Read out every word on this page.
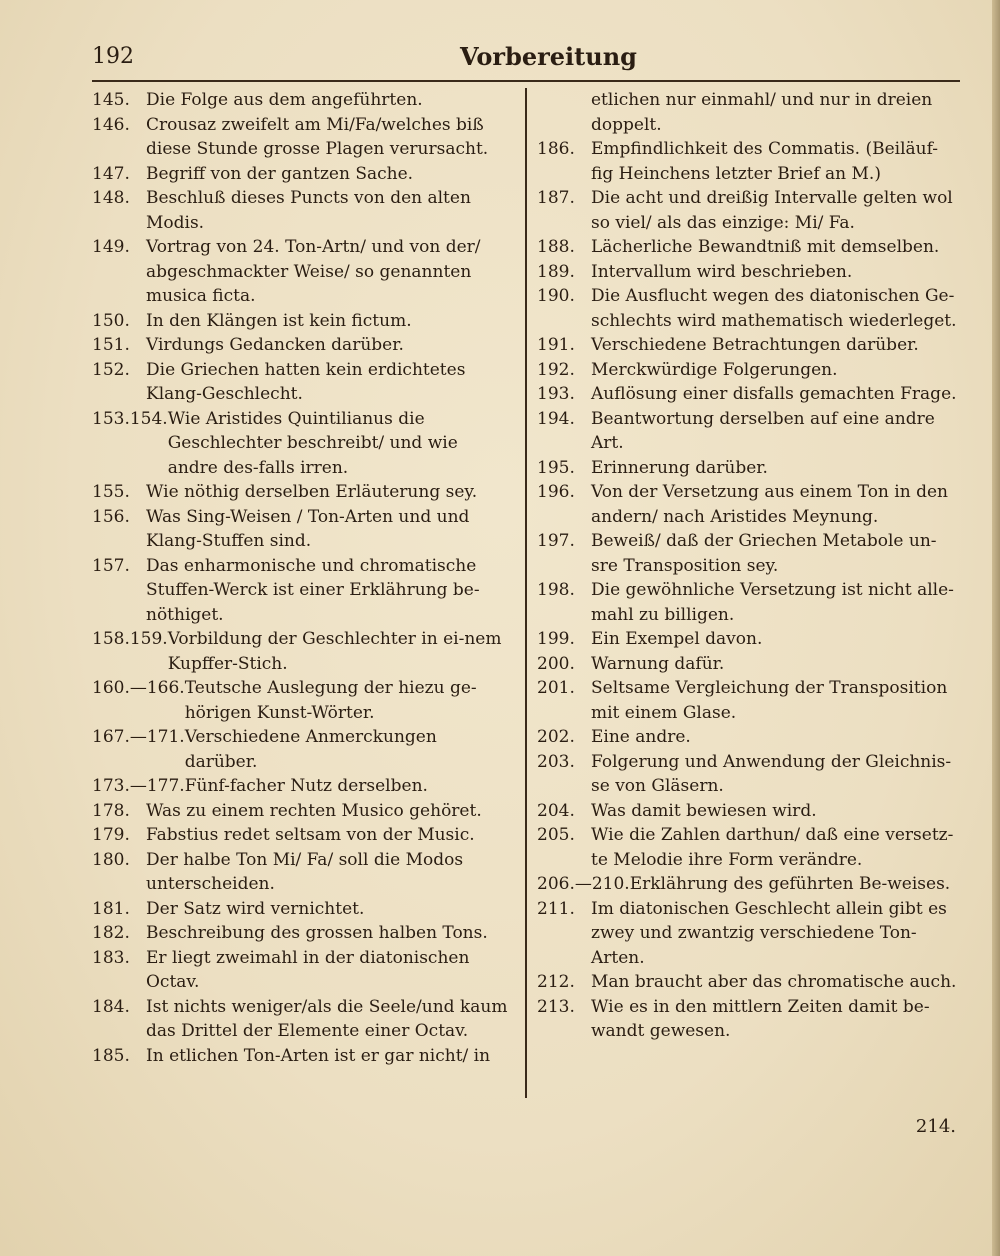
192	Vorbereitung
145. Die Folge aus dem angeführten.
146. Crousaz zweifelt am Mi/Fa/welches biß diese Stunde grosse Plagen verursacht.
147. Begriff von der gantzen Sache.
148. Beschluß dieses Puncts von den alten Modis.
149. Vortrag von 24. Ton-Artn/ und von der/ abgeschmackter Weise/ so genannten musica ficta.
150. In den Klängen ist kein fictum.
151. Virdungs Gedancken darüber.
152. Die Griechen hatten kein erdichtetes Klang-Geschlecht.
153.154. Wie Aristides Quintilianus die Geschlechter beschreibt/ und wie andre des-falls irren.
155. Wie nöthig derselben Erläuterung sey.
156. Was Sing-Weisen / Ton-Arten und und Klang-Stuffen sind.
157. Das enharmonische und chromatische Stuffen-Werck ist einer Erklährung be-nöthiget.
158.159. Vorbildung der Geschlechter in ei-nem Kupffer-Stich.
160.—166. Teutsche Auslegung der hiezu ge-hörigen Kunst-Wörter.
167.—171. Verschiedene Anmerckungen darüber.
173.—177. Fünf-facher Nutz derselben.
178. Was zu einem rechten Musico gehöret.
179. Fabstius redet seltsam von der Music.
180. Der halbe Ton Mi/ Fa/ soll die Modos unterscheiden.
181. Der Satz wird vernichtet.
182. Beschreibung des grossen halben Tons.
183. Er liegt zweimahl in der diatonischen Octav.
184. Ist nichts weniger/als die Seele/und kaum das Drittel der Elemente einer Octav.
185. In etlichen Ton-Arten ist er gar nicht/ in
etlichen nur einmahl/ und nur in dreien doppelt.
186. Empfindlichkeit des Commatis. (Beiläuf-fig Heinchens letzter Brief an M.)
187. Die acht und dreißig Intervalle gelten wol so viel/ als das einzige: Mi/ Fa.
188. Lächerliche Bewandtniß mit demselben.
189. Intervallum wird beschrieben.
190. Die Ausflucht wegen des diatonischen Ge-schlechts wird mathematisch wiederleget.
191. Verschiedene Betrachtungen darüber.
192. Merckwürdige Folgerungen.
193. Auflösung einer disfalls gemachten Frage.
194. Beantwortung derselben auf eine andre Art.
195. Erinnerung darüber.
196. Von der Versetzung aus einem Ton in den andern/ nach Aristides Meynung.
197. Beweiß/ daß der Griechen Metabole un-sre Transposition sey.
198. Die gewöhnliche Versetzung ist nicht alle-mahl zu billigen.
199. Ein Exempel davon.
200. Warnung dafür.
201. Seltsame Vergleichung der Transposition mit einem Glase.
202. Eine andre.
203. Folgerung und Anwendung der Gleichnis-se von Gläsern.
204. Was damit bewiesen wird.
205. Wie die Zahlen darthun/ daß eine versetz-te Melodie ihre Form verändre.
206.—210. Erklährung des geführten Be-weises.
211. Im diatonischen Geschlecht allein gibt es zwey und zwantzig verschiedene Ton-Arten.
212. Man braucht aber das chromatische auch.
213. Wie es in den mittlern Zeiten damit be-wandt gewesen.
214.
